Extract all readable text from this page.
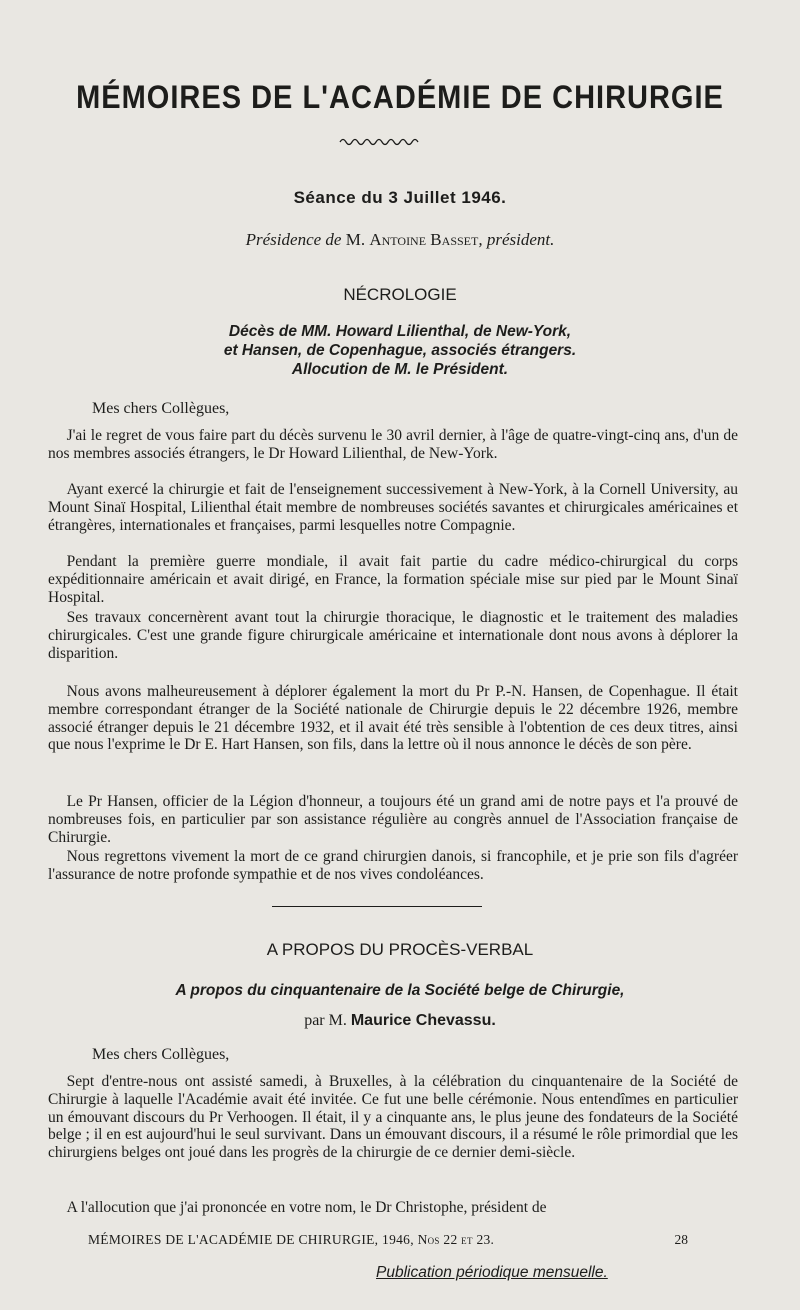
MÉMOIRES DE L'ACADÉMIE DE CHIRURGIE
Séance du 3 Juillet 1946.
Présidence de M. Antoine Basset, président.
NÉCROLOGIE
Décès de MM. Howard Lilienthal, de New-York,
et Hansen, de Copenhague, associés étrangers.
Allocution de M. le Président.
Mes chers Collègues,
J'ai le regret de vous faire part du décès survenu le 30 avril dernier, à l'âge de quatre-vingt-cinq ans, d'un de nos membres associés étrangers, le Dr Howard Lilienthal, de New-York.
Ayant exercé la chirurgie et fait de l'enseignement successivement à New-York, à la Cornell University, au Mount Sinaï Hospital, Lilienthal était membre de nombreuses sociétés savantes et chirurgicales américaines et étrangères, internationales et françaises, parmi lesquelles notre Compagnie.
Pendant la première guerre mondiale, il avait fait partie du cadre médico-chirurgical du corps expéditionnaire américain et avait dirigé, en France, la formation spéciale mise sur pied par le Mount Sinaï Hospital.
Ses travaux concernèrent avant tout la chirurgie thoracique, le diagnostic et le traitement des maladies chirurgicales. C'est une grande figure chirurgicale américaine et internationale dont nous avons à déplorer la disparition.
Nous avons malheureusement à déplorer également la mort du Pr P.-N. Hansen, de Copenhague. Il était membre correspondant étranger de la Société nationale de Chirurgie depuis le 22 décembre 1926, membre associé étranger depuis le 21 décembre 1932, et il avait été très sensible à l'obtention de ces deux titres, ainsi que nous l'exprime le Dr E. Hart Hansen, son fils, dans la lettre où il nous annonce le décès de son père.
Le Pr Hansen, officier de la Légion d'honneur, a toujours été un grand ami de notre pays et l'a prouvé de nombreuses fois, en particulier par son assistance régulière au congrès annuel de l'Association française de Chirurgie.
Nous regrettons vivement la mort de ce grand chirurgien danois, si francophile, et je prie son fils d'agréer l'assurance de notre profonde sympathie et de nos vives condoléances.
A PROPOS DU PROCÈS-VERBAL
A propos du cinquantenaire de la Société belge de Chirurgie,
par M. Maurice Chevassu.
Mes chers Collègues,
Sept d'entre-nous ont assisté samedi, à Bruxelles, à la célébration du cinquantenaire de la Société de Chirurgie à laquelle l'Académie avait été invitée. Ce fut une belle cérémonie. Nous entendîmes en particulier un émouvant discours du Pr Verhoogen. Il était, il y a cinquante ans, le plus jeune des fondateurs de la Société belge ; il en est aujourd'hui le seul survivant. Dans un émouvant discours, il a résumé le rôle primordial que les chirurgiens belges ont joué dans les progrès de la chirurgie de ce dernier demi-siècle.
A l'allocution que j'ai prononcée en votre nom, le Dr Christophe, président de
MÉMOIRES DE L'ACADÉMIE DE CHIRURGIE, 1946, Nos 22 et 23.	28
Publication périodique mensuelle.
